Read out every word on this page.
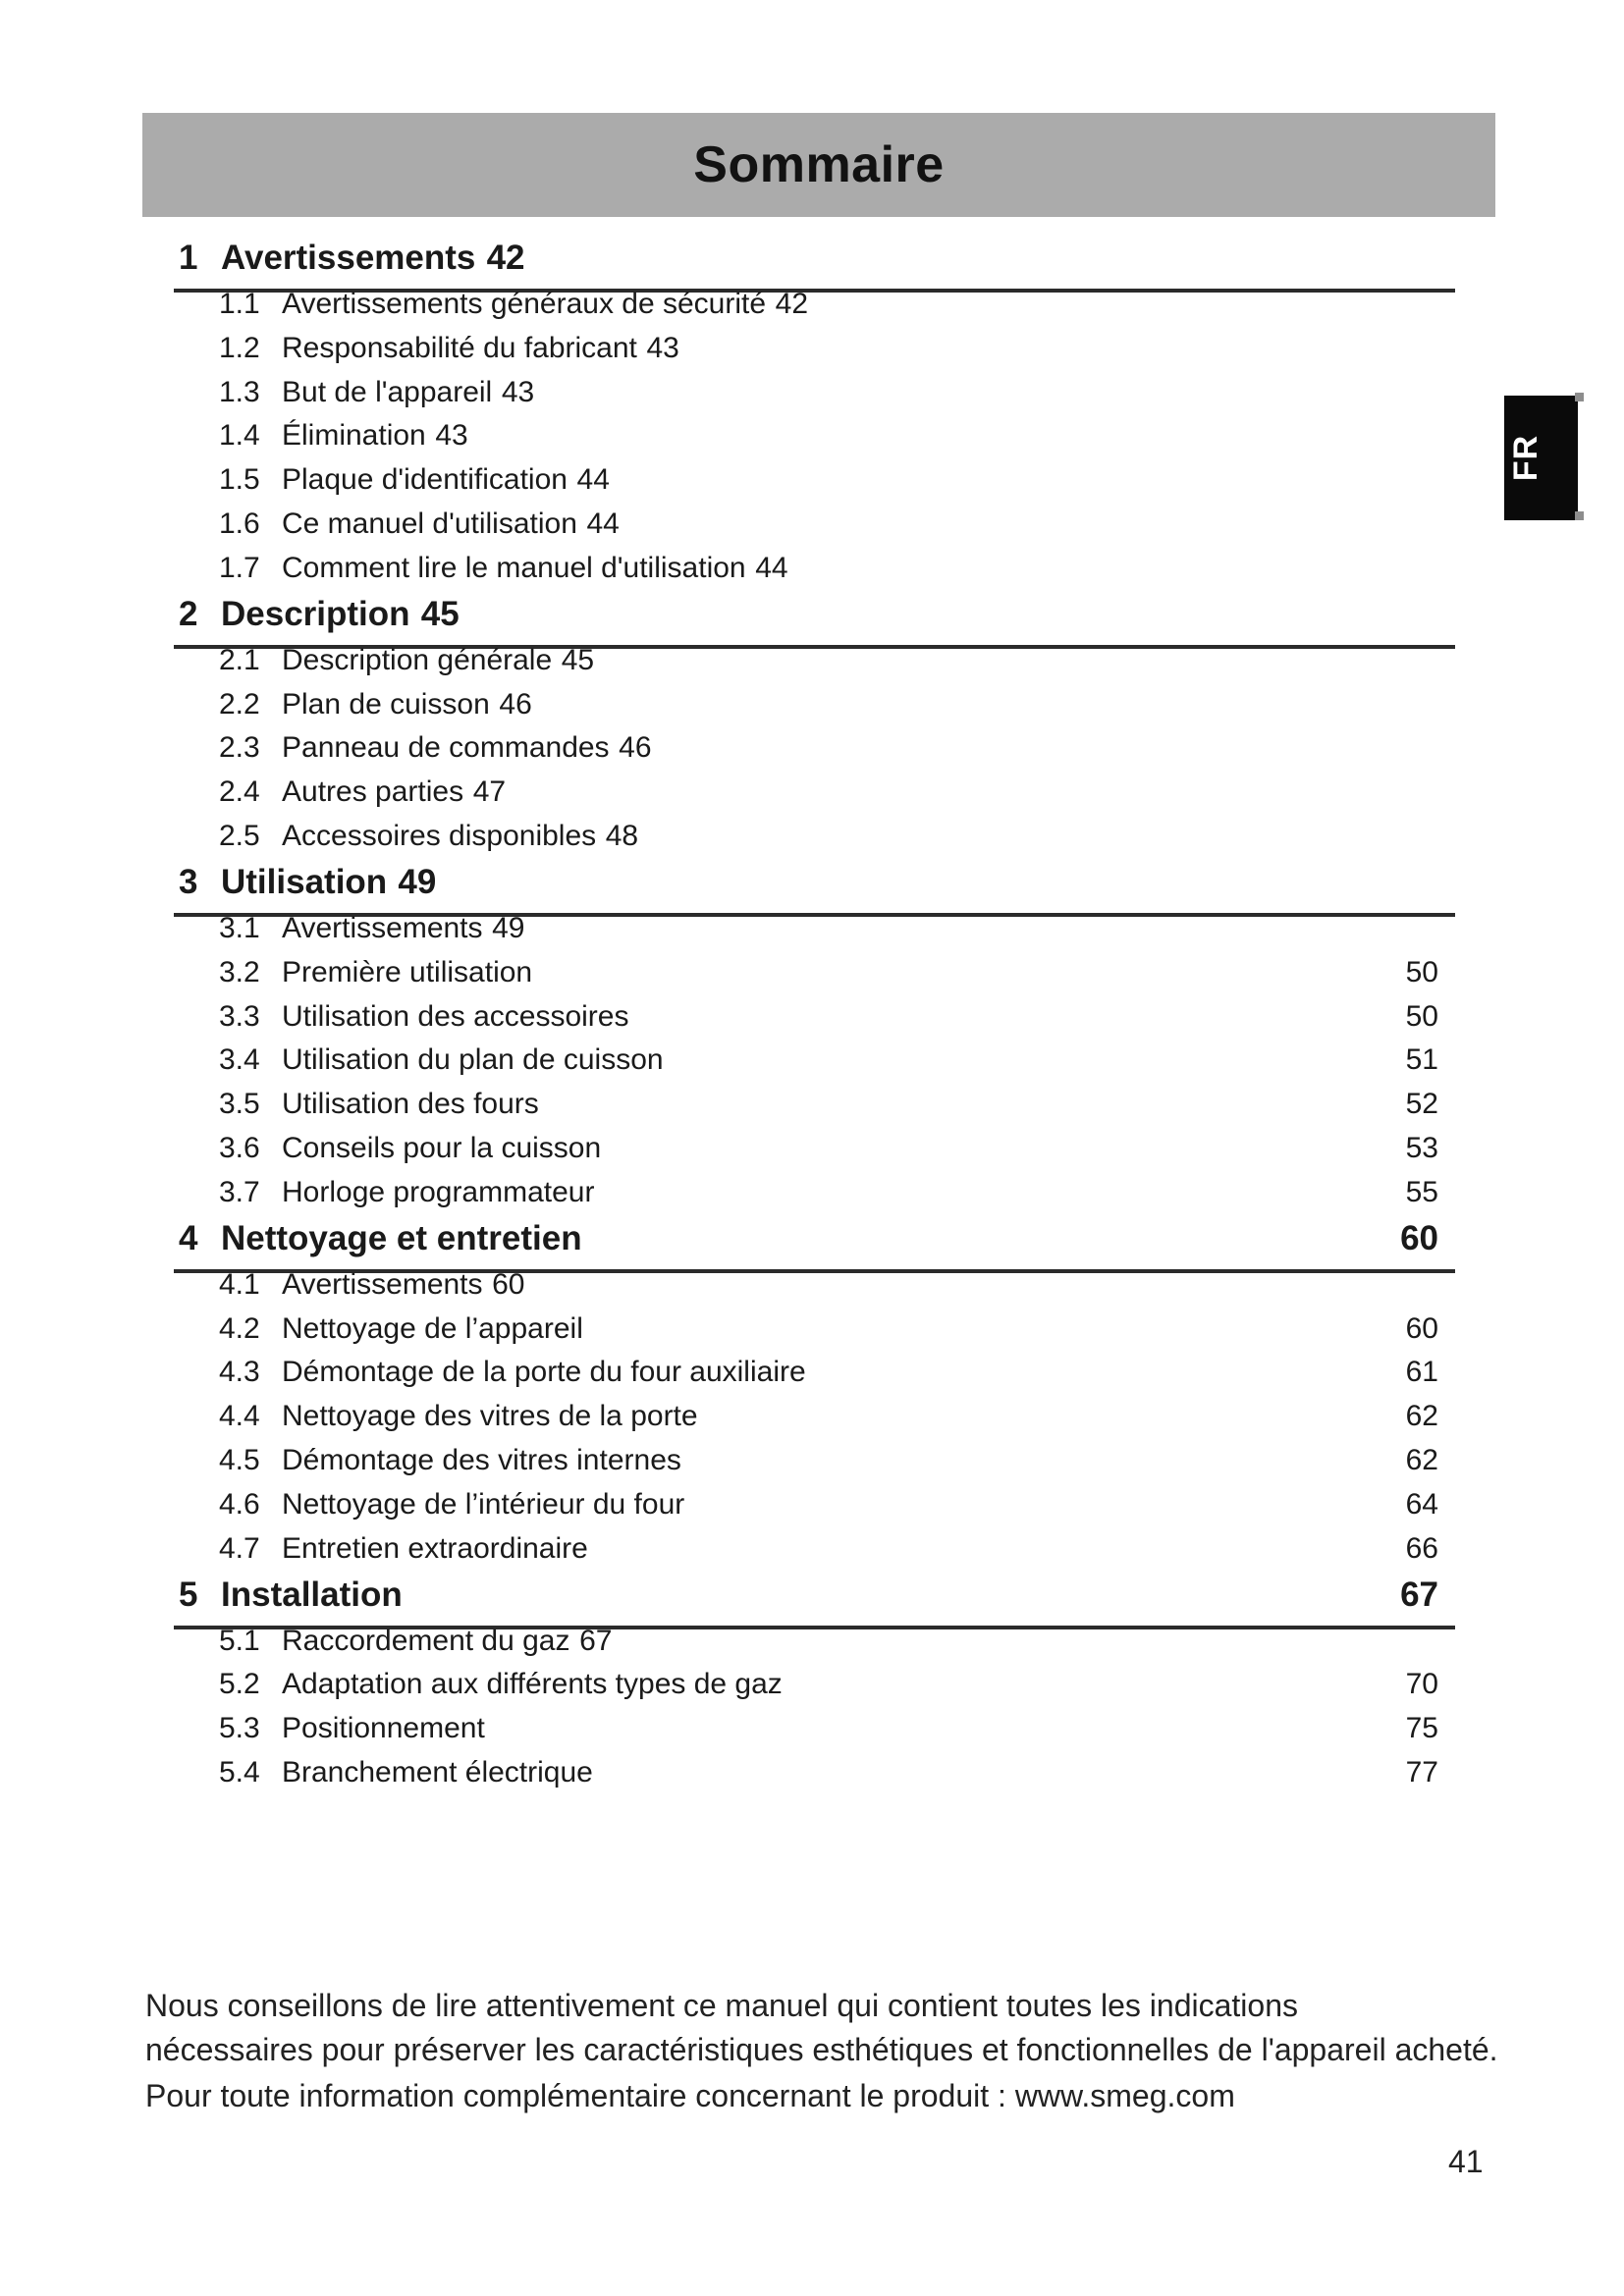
Sommaire
FR
1 Avertissements 42
1.1 Avertissements généraux de sécurité 42
1.2 Responsabilité du fabricant 43
1.3 But de l'appareil 43
1.4 Élimination 43
1.5 Plaque d'identification 44
1.6 Ce manuel d'utilisation 44
1.7 Comment lire le manuel d'utilisation 44
2 Description 45
2.1 Description générale 45
2.2 Plan de cuisson 46
2.3 Panneau de commandes 46
2.4 Autres parties 47
2.5 Accessoires disponibles 48
3 Utilisation 49
3.1 Avertissements 49
3.2 Première utilisation	50
3.3 Utilisation des accessoires	50
3.4 Utilisation du plan de cuisson	51
3.5 Utilisation des fours	52
3.6 Conseils pour la cuisson	53
3.7 Horloge programmateur	55
4 Nettoyage et entretien	60
4.1 Avertissements 60
4.2 Nettoyage de l’appareil	60
4.3 Démontage de la porte du four auxiliaire	61
4.4 Nettoyage des vitres de la porte	62
4.5 Démontage des vitres internes	62
4.6 Nettoyage de l’intérieur du four	64
4.7 Entretien extraordinaire	66
5 Installation	67
5.1 Raccordement du gaz 67
5.2 Adaptation aux différents types de gaz	70
5.3 Positionnement	75
5.4 Branchement électrique	77
Nous conseillons de lire attentivement ce manuel qui contient toutes les indications
nécessaires pour préserver les caractéristiques esthétiques et fonctionnelles de l'appareil acheté.
Pour toute information complémentaire concernant le produit : www.smeg.com
41
